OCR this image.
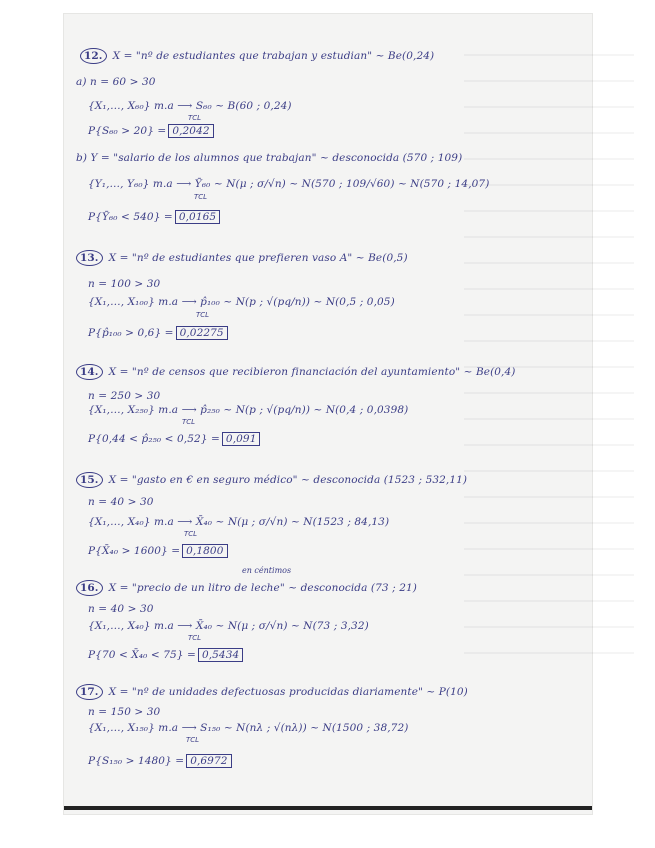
12. X = "nº de estudiantes que trabajan y estudian" ~ Be(0,24)
a) n = 60 > 30
{X₁,…, X₆₀} m.a ⟶ S₆₀ ~ B(60 ; 0,24)
TCL
P{S₆₀ > 20} = 0,2042
b) Y = "salario de los alumnos que trabajan" ~ desconocida (570 ; 109)
{Y₁,…, Y₆₀} m.a ⟶ Ȳ₆₀ ~ N(μ ; σ/√n) ~ N(570 ; 109/√60) ~ N(570 ; 14,07)
TCL
P{Ȳ₆₀ < 540} = 0,0165
13. X = "nº de estudiantes que prefieren vaso A" ~ Be(0,5)
n = 100 > 30
{X₁,…, X₁₀₀} m.a ⟶ p̂₁₀₀ ~ N(p ; √(pq/n)) ~ N(0,5 ; 0,05)
TCL
P{p̂₁₀₀ > 0,6} = 0,02275
14. X = "nº de censos que recibieron financiación del ayuntamiento" ~ Be(0,4)
n = 250 > 30
{X₁,…, X₂₅₀} m.a ⟶ p̂₂₅₀ ~ N(p ; √(pq/n)) ~ N(0,4 ; 0,0398)
TCL
P{0,44 < p̂₂₅₀ < 0,52} = 0,091
15. X = "gasto en € en seguro médico" ~ desconocida (1523 ; 532,11)
n = 40 > 30
{X₁,…, X₄₀} m.a ⟶ X̄₄₀ ~ N(μ ; σ/√n) ~ N(1523 ; 84,13)
TCL
P{X̄₄₀ > 1600} = 0,1800
en céntimos
16. X = "precio de un litro de leche" ~ desconocida (73 ; 21)
n = 40 > 30
{X₁,…, X₄₀} m.a ⟶ X̄₄₀ ~ N(μ ; σ/√n) ~ N(73 ; 3,32)
TCL
P{70 < X̄₄₀ < 75} = 0,5434
17. X = "nº de unidades defectuosas producidas diariamente" ~ P(10)
n = 150 > 30
{X₁,…, X₁₅₀} m.a ⟶ S₁₅₀ ~ N(nλ ; √(nλ)) ~ N(1500 ; 38,72)
TCL
P{S₁₅₀ > 1480} = 0,6972
